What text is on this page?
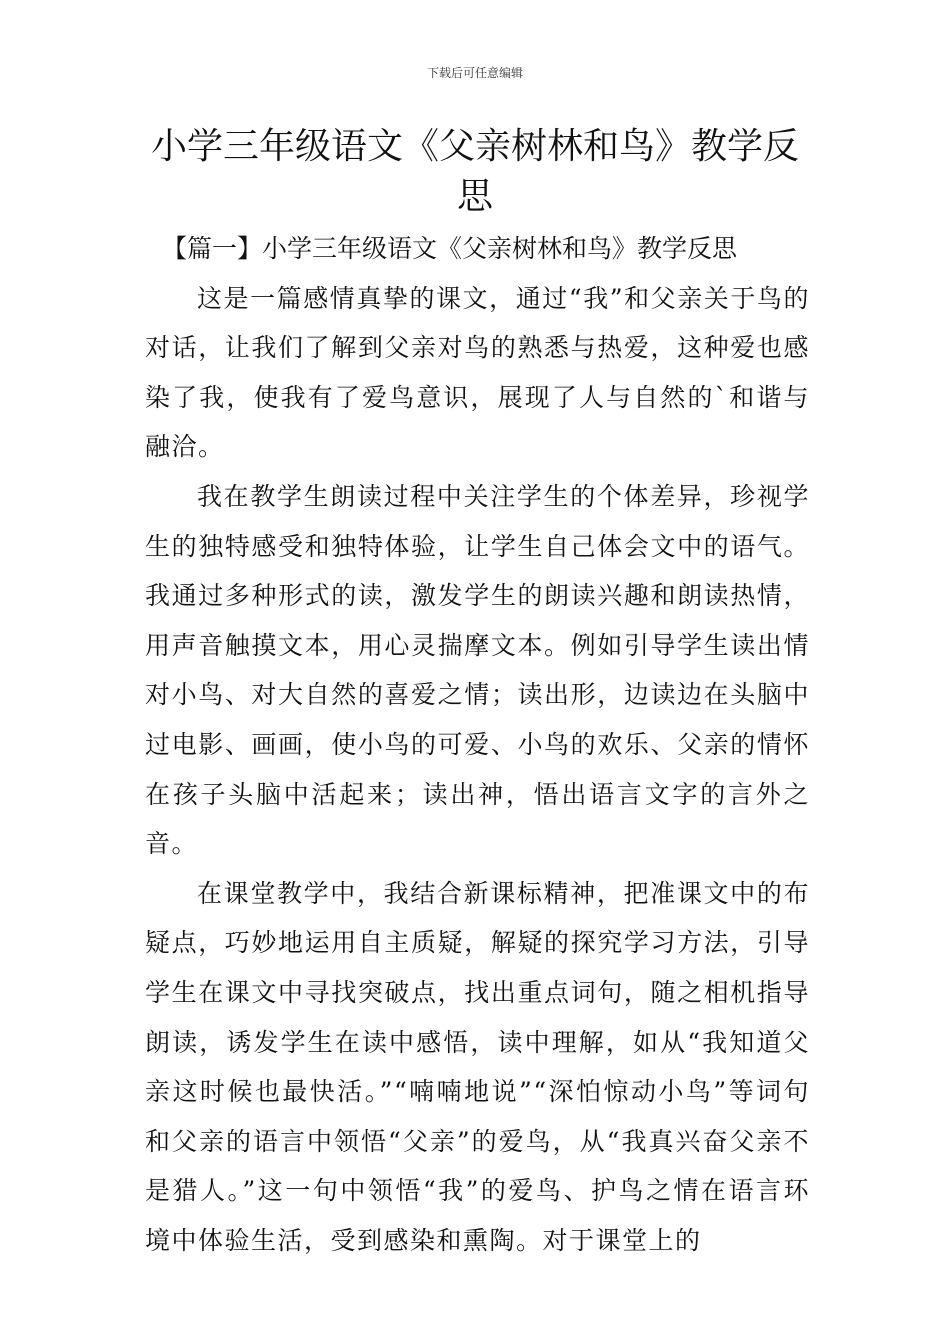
下载后可任意编辑
小学三年级语文《父亲树林和鸟》教学反思

【篇一】小学三年级语文《父亲树林和鸟》教学反思

这是一篇感情真挚的课文，通过“我”和父亲关于鸟的对话，让我们了解到父亲对鸟的熟悉与热爱，这种爱也感染了我，使我有了爱鸟意识，展现了人与自然的`和谐与融洽。

我在教学生朗读过程中关注学生的个体差异，珍视学生的独特感受和独特体验，让学生自己体会文中的语气。我通过多种形式的读，激发学生的朗读兴趣和朗读热情，用声音触摸文本，用心灵揣摩文本。例如引导学生读出情对小鸟、对大自然的喜爱之情；读出形，边读边在头脑中过电影、画画，使小鸟的可爱、小鸟的欢乐、父亲的情怀在孩子头脑中活起来；读出神，悟出语言文字的言外之音。

在课堂教学中，我结合新课标精神，把准课文中的布疑点，巧妙地运用自主质疑，解疑的探究学习方法，引导学生在课文中寻找突破点，找出重点词句，随之相机指导朗读，诱发学生在读中感悟，读中理解，如从“我知道父亲这时候也最快活。”“喃喃地说”“深怕惊动小鸟”等词句和父亲的语言中领悟“父亲”的爱鸟，从“我真兴奋父亲不是猎人。”这一句中领悟“我”的爱鸟、护鸟之情在语言环境中体验生活，受到感染和熏陶。对于课堂上的
